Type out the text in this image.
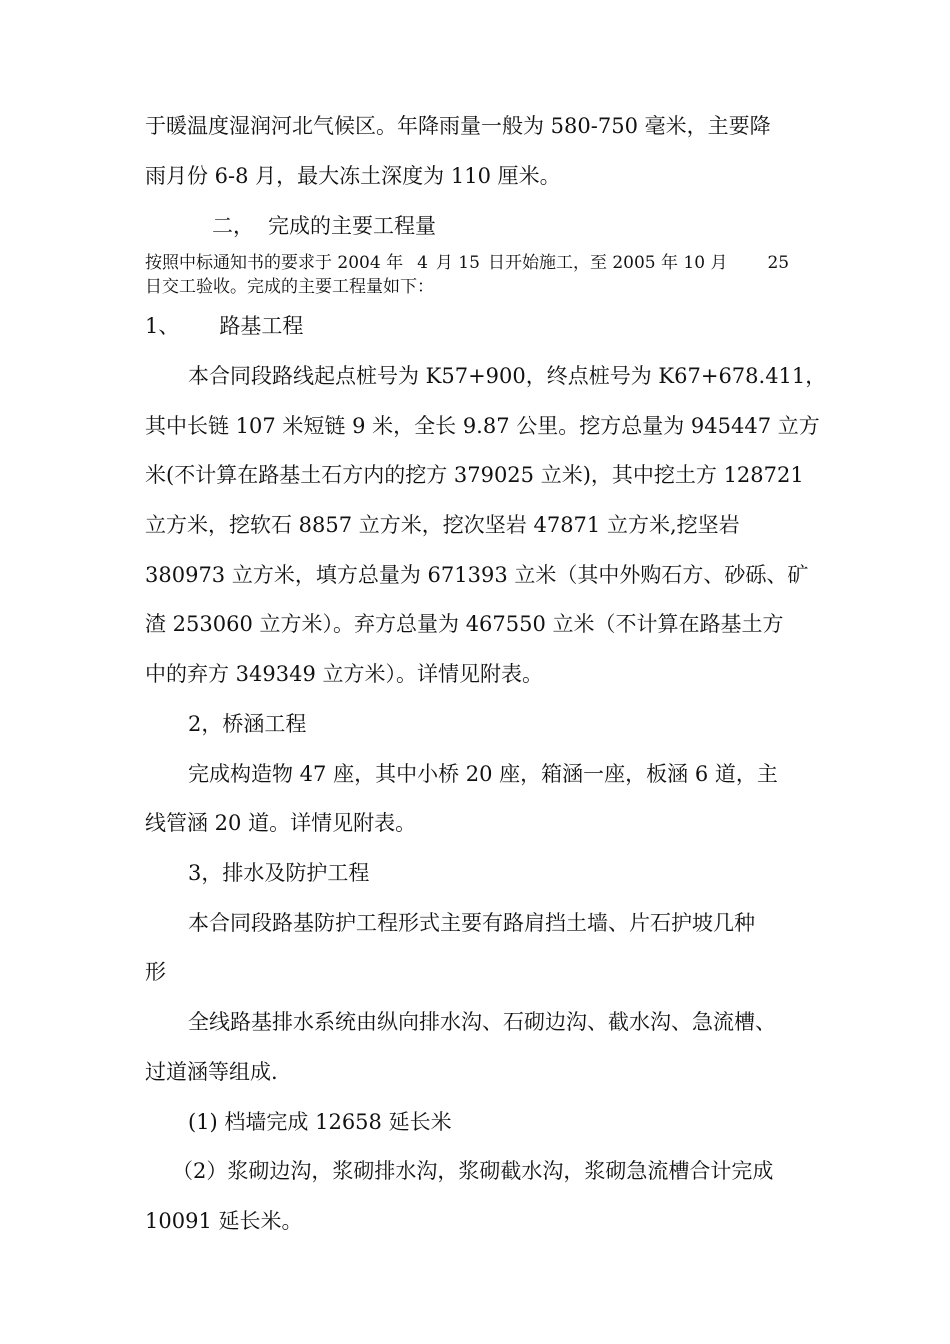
于暖温度湿润河北气候区。年降雨量一般为 580-750 毫米，主要降
雨月份 6-8 月，最大冻土深度为 110 厘米。
二， 完成的主要工程量
按照中标通知书的要求于 2004 年 4 月 15 日开始施工，至 2005 年 10 月 25
日交工验收。完成的主要工程量如下：
1、 路基工程
本合同段路线起点桩号为 K57+900，终点桩号为 K67+678.411，
其中长链 107 米短链 9 米，全长 9.87 公里。挖方总量为 945447 立方
米(不计算在路基土石方内的挖方 379025 立米)，其中挖土方 128721
立方米，挖软石 8857 立方米，挖次坚岩 47871 立方米,挖坚岩
380973 立方米，填方总量为 671393 立米（其中外购石方、砂砾、矿
渣 253060 立方米）。弃方总量为 467550 立米（不计算在路基土方
中的弃方 349349 立方米）。详情见附表。
2，桥涵工程
完成构造物 47 座，其中小桥 20 座，箱涵一座，板涵 6 道，主
线管涵 20 道。详情见附表。
3，排水及防护工程
本合同段路基防护工程形式主要有路肩挡土墙、片石护坡几种
形
全线路基排水系统由纵向排水沟、石砌边沟、截水沟、急流槽、
过道涵等组成.
(1) 档墙完成 12658 延长米
（2）浆砌边沟，浆砌排水沟，浆砌截水沟，浆砌急流槽合计完成
10091 延长米。
